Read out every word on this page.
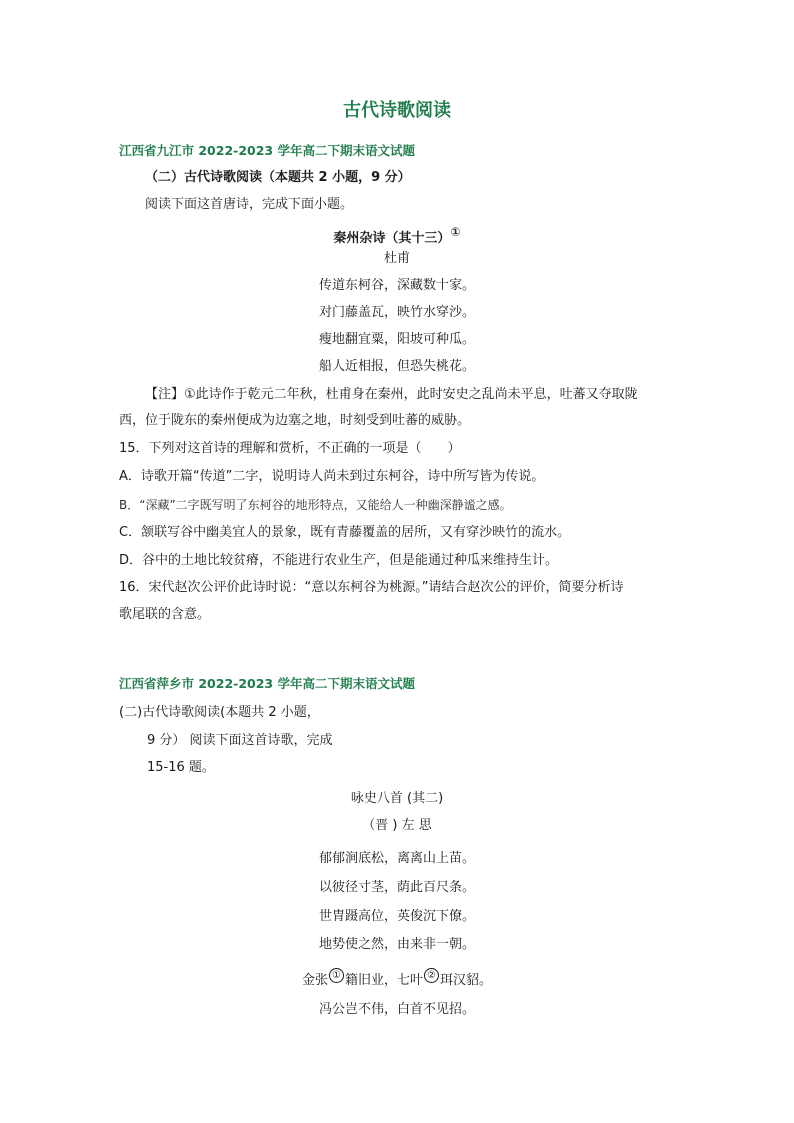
古代诗歌阅读
江西省九江市 2022-2023 学年高二下期末语文试题
（二）古代诗歌阅读（本题共 2 小题，9 分）
阅读下面这首唐诗，完成下面小题。
秦州杂诗（其十三）①
杜甫
传道东柯谷，深藏数十家。
对门藤盖瓦，映竹水穿沙。
瘦地翻宜粟，阳坡可种瓜。
船人近相报，但恐失桃花。
【注】①此诗作于乾元二年秋，杜甫身在秦州，此时安史之乱尚未平息，吐蕃又夺取陇
西，位于陇东的秦州便成为边塞之地，时刻受到吐蕃的威胁。
15．下列对这首诗的理解和赏析，不正确的一项是（　　）
A．诗歌开篇“传道”二字，说明诗人尚未到过东柯谷，诗中所写皆为传说。
B．“深藏”二字既写明了东柯谷的地形特点，又能给人一种幽深静谧之感。
C．颔联写谷中幽美宜人的景象，既有青藤覆盖的居所，又有穿沙映竹的流水。
D．谷中的土地比较贫瘠，不能进行农业生产，但是能通过种瓜来维持生计。
16．宋代赵次公评价此诗时说：“意以东柯谷为桃源。”请结合赵次公的评价，简要分析诗
歌尾联的含意。
江西省萍乡市 2022-2023 学年高二下期末语文试题
(二)古代诗歌阅读(本题共 2 小题，
9 分） 阅读下面这首诗歌，完成
15-16 题。
咏史八首 (其二)
（晋 ) 左 思
郁郁涧底松，离离山上苗。
以彼径寸茎，荫此百尺条。
世胄蹑高位，英俊沉下僚。
地势使之然，由来非一朝。
金张 ① 籍旧业，七叶 ② 珥汉貂。
冯公岂不伟，白首不见招。
